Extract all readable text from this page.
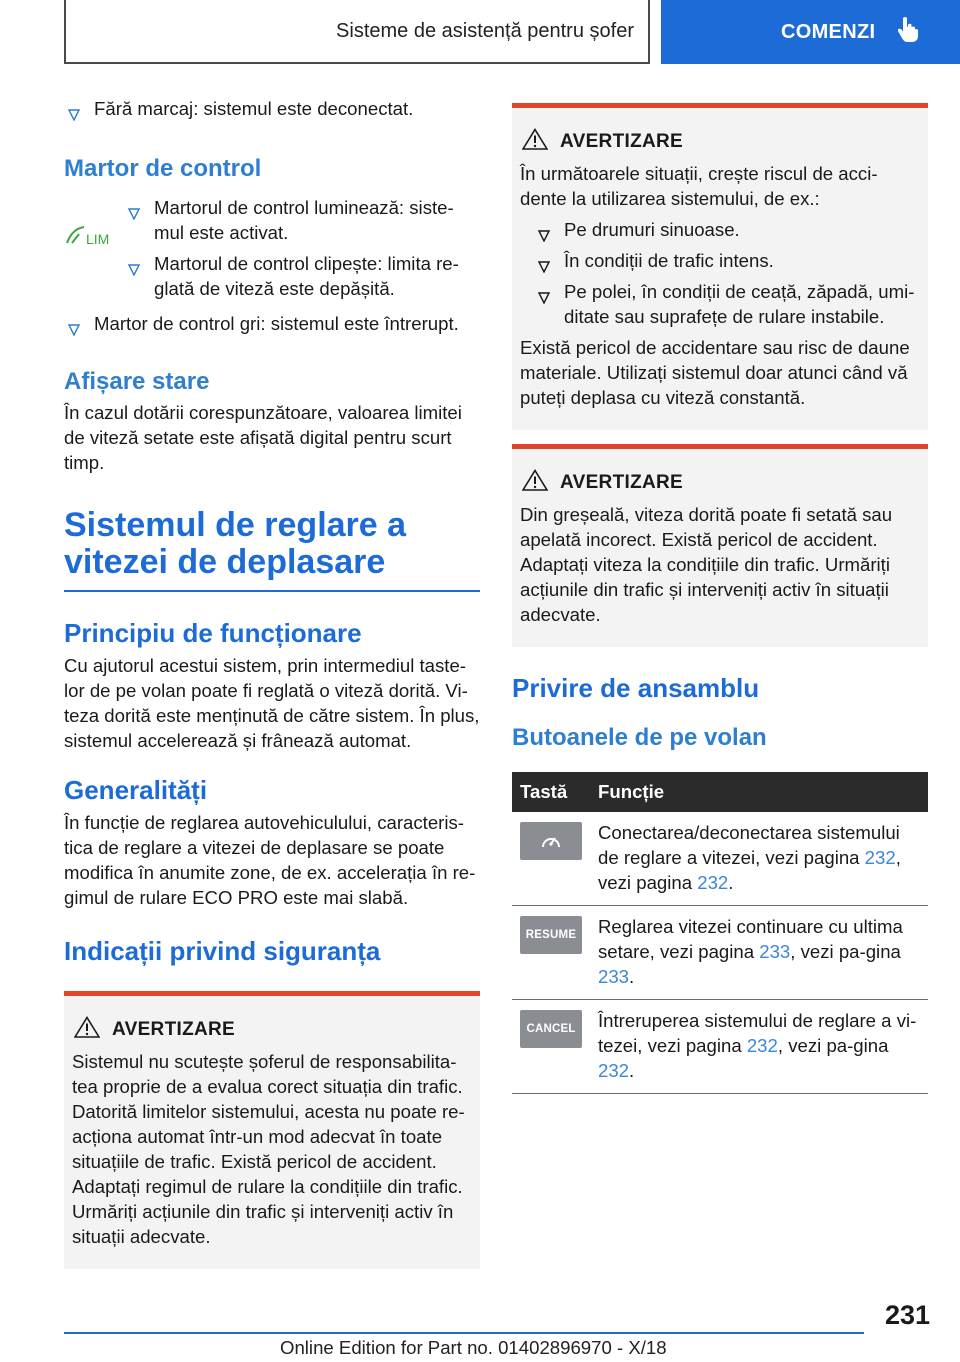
Sisteme de asistență pentru șofer	COMENZI
Fără marcaj: sistemul este deconectat.
Martor de control
LIM
Martorul de control luminează: siste-mul este activat.
Martorul de control clipește: limita re-glată de viteză este depășită.
Martor de control gri: sistemul este întrerupt.
Afișare stare

În cazul dotării corespunzătoare, valoarea limitei de viteză setate este afișată digital pentru scurt timp.

Sistemul de reglare a vitezei de deplasare
Principiu de funcționare

Cu ajutorul acestui sistem, prin intermediul taste-lor de pe volan poate fi reglată o viteză dorită. Vi-teza dorită este menținută de către sistem. În plus, sistemul accelerează și frânează automat.

Generalități

În funcție de reglarea autovehiculului, caracteris-tica de reglare a vitezei de deplasare se poate modifica în anumite zone, de ex. accelerația în re-gimul de rulare ECO PRO este mai slabă.

Indicații privind siguranța
AVERTIZARE

Sistemul nu scutește șoferul de responsabilita-tea proprie de a evalua corect situația din trafic. Datorită limitelor sistemului, acesta nu poate re-acționa automat într-un mod adecvat în toate situațiile de trafic. Există pericol de accident. Adaptați regimul de rulare la condițiile din trafic. Urmăriți acțiunile din trafic și interveniți activ în situații adecvate.

AVERTIZARE

În următoarele situații, crește riscul de acci-dente la utilizarea sistemului, de ex.:

Pe drumuri sinuoase.
În condiții de trafic intens.
Pe polei, în condiții de ceață, zăpadă, umi-ditate sau suprafețe de rulare instabile.

Există pericol de accidentare sau risc de daune materiale. Utilizați sistemul doar atunci când vă puteți deplasa cu viteză constantă.

AVERTIZARE

Din greșeală, viteza dorită poate fi setată sau apelată incorect. Există pericol de accident. Adaptați viteza la condițiile din trafic. Urmăriți acțiunile din trafic și interveniți activ în situații adecvate.

Privire de ansamblu
Butoanele de pe volan
Tastă	Funcție

	Conectarea/deconectarea sistemului de reglare a vitezei, vezi pagina 232, vezi pagina 232.

RESUME	Reglarea vitezei continuare cu ultima setare, vezi pagina 233, vezi pa-gina 233.

CANCEL	Întreruperea sistemului de reglare a vi-tezei, vezi pagina 232, vezi pa-gina 232.
231
Online Edition for Part no. 01402896970 - X/18
